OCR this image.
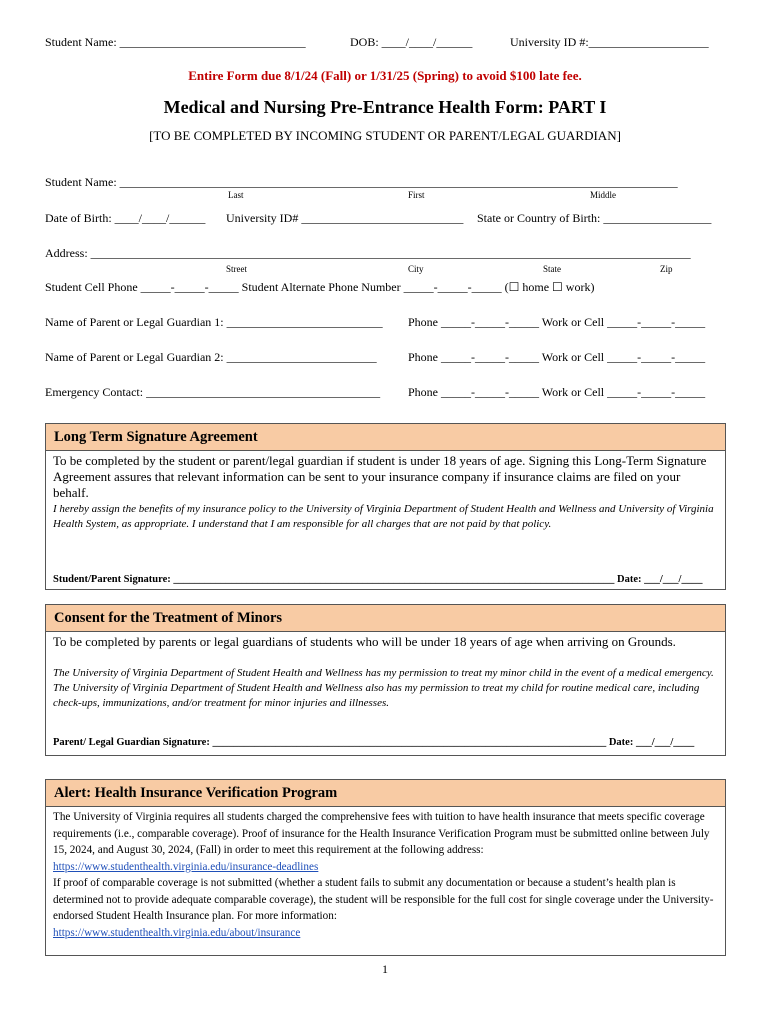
Student Name: _______________________________	DOB: ____/____/______	University ID #:____________________
Entire Form due 8/1/24 (Fall) or 1/31/25 (Spring) to avoid $100 late fee.
Medical and Nursing Pre-Entrance Health Form: PART I
[TO BE COMPLETED BY INCOMING STUDENT OR PARENT/LEGAL GUARDIAN]
Student Name: _____________________________________________________________________________________________
Last	First	Middle
Date of Birth: ____/____/______ University ID# ___________________________ State or Country of Birth: __________________
Address: ____________________________________________________________________________________________________
Street	City	State	Zip
Student Cell Phone _____-_____-_____ Student Alternate Phone Number _____-_____-_____ (☐ home ☐ work)
Name of Parent or Legal Guardian 1: __________________________ Phone _____-_____-_____ Work or Cell _____-_____-_____
Name of Parent or Legal Guardian 2: _________________________	Phone _____-_____-_____ Work or Cell _____-_____-_____
Emergency Contact: _______________________________________ Phone _____-_____-_____ Work or Cell _____-_____-_____
Long Term Signature Agreement
To be completed by the student or parent/legal guardian if student is under 18 years of age. Signing this Long-Term Signature Agreement assures that relevant information can be sent to your insurance company if insurance claims are filed on your behalf.
I hereby assign the benefits of my insurance policy to the University of Virginia Department of Student Health and Wellness and University of Virginia Health System, as appropriate. I understand that I am responsible for all charges that are not paid by that policy.
Student/Parent Signature: ____________________________________________________________________________________ Date: ___/___/____
Consent for the Treatment of Minors
To be completed by parents or legal guardians of students who will be under 18 years of age when arriving on Grounds.
The University of Virginia Department of Student Health and Wellness has my permission to treat my minor child in the event of a medical emergency. The University of Virginia Department of Student Health and Wellness also has my permission to treat my child for routine medical care, including check-ups, immunizations, and/or treatment for minor injuries and illnesses.
Parent/ Legal Guardian Signature: ___________________________________________________________________________ Date: ___/___/____
Alert: Health Insurance Verification Program
The University of Virginia requires all students charged the comprehensive fees with tuition to have health insurance that meets specific coverage requirements (i.e., comparable coverage). Proof of insurance for the Health Insurance Verification Program must be submitted online between July 15, 2024, and August 30, 2024, (Fall) in order to meet this requirement at the following address:
https://www.studenthealth.virginia.edu/insurance-deadlines
If proof of comparable coverage is not submitted (whether a student fails to submit any documentation or because a student’s health plan is determined not to provide adequate comparable coverage), the student will be responsible for the full cost for single coverage under the University-endorsed Student Health Insurance plan. For more information:
https://www.studenthealth.virginia.edu/about/insurance
1
